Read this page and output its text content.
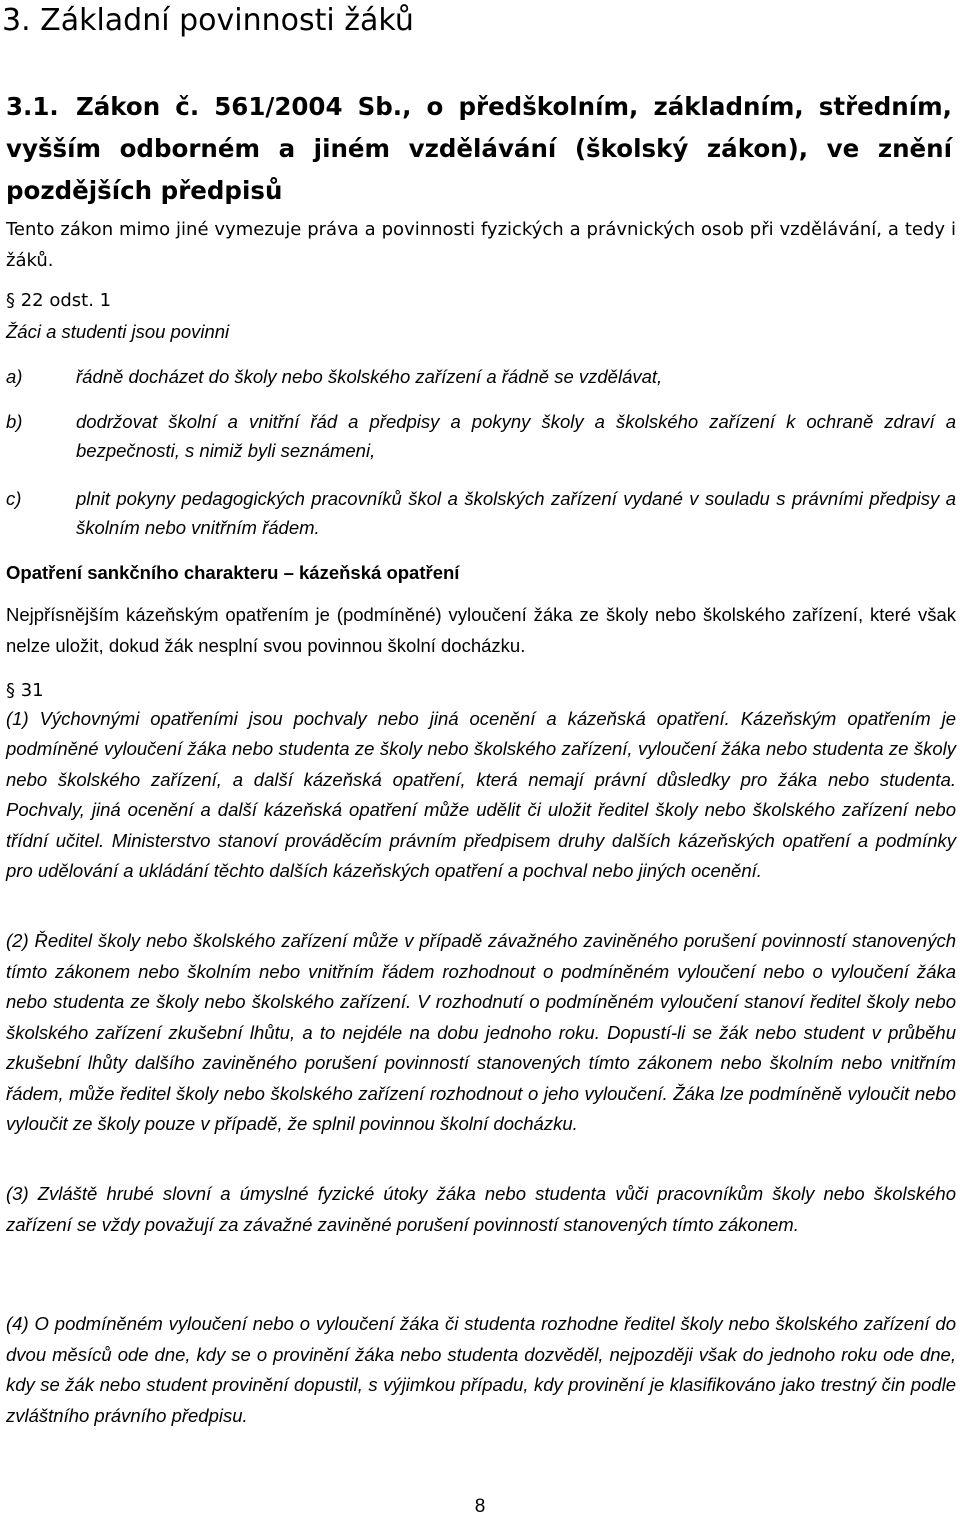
3. Základní povinnosti žáků
3.1. Zákon č. 561/2004 Sb., o předškolním, základním, středním, vyšším odborném a jiném vzdělávání (školský zákon), ve znění pozdějších předpisů
Tento zákon mimo jiné vymezuje práva a povinnosti fyzických a právnických osob při vzdělávání, a tedy i žáků.
§ 22 odst. 1
Žáci a studenti jsou povinni
a)	řádně docházet do školy nebo školského zařízení a řádně se vzdělávat,
b)	dodržovat školní a vnitřní řád a předpisy a pokyny školy a školského zařízení k ochraně zdraví a bezpečnosti, s nimiž byli seznámeni,
c)	plnit pokyny pedagogických pracovníků škol a školských zařízení vydané v souladu s právními předpisy a školním nebo vnitřním řádem.
Opatření sankčního charakteru – kázeňská opatření
Nejpřísnějším kázeňským opatřením je (podmíněné) vyloučení žáka ze školy nebo školského zařízení, které však nelze uložit, dokud žák nesplní svou povinnou školní docházku.
§ 31
(1) Výchovnými opatřeními jsou pochvaly nebo jiná ocenění a kázeňská opatření. Kázeňským opatřením je podmíněné vyloučení žáka nebo studenta ze školy nebo školského zařízení, vyloučení žáka nebo studenta ze školy nebo školského zařízení, a další kázeňská opatření, která nemají právní důsledky pro žáka nebo studenta. Pochvaly, jiná ocenění a další kázeňská opatření může udělit či uložit ředitel školy nebo školského zařízení nebo třídní učitel. Ministerstvo stanoví prováděcím právním předpisem druhy dalších kázeňských opatření a podmínky pro udělování a ukládání těchto dalších kázeňských opatření a pochval nebo jiných ocenění.
(2) Ředitel školy nebo školského zařízení může v případě závažného zaviněného porušení povinností stanovených tímto zákonem nebo školním nebo vnitřním řádem rozhodnout o podmíněném vyloučení nebo o vyloučení žáka nebo studenta ze školy nebo školského zařízení. V rozhodnutí o podmíněném vyloučení stanoví ředitel školy nebo školského zařízení zkušební lhůtu, a to nejdéle na dobu jednoho roku. Dopustí-li se žák nebo student v průběhu zkušební lhůty dalšího zaviněného porušení povinností stanovených tímto zákonem nebo školním nebo vnitřním řádem, může ředitel školy nebo školského zařízení rozhodnout o jeho vyloučení. Žáka lze podmíněně vyloučit nebo vyloučit ze školy pouze v případě, že splnil povinnou školní docházku.
(3) Zvláště hrubé slovní a úmyslné fyzické útoky žáka nebo studenta vůči pracovníkům školy nebo školského zařízení se vždy považují za závažné zaviněné porušení povinností stanovených tímto zákonem.
(4) O podmíněném vyloučení nebo o vyloučení žáka či studenta rozhodne ředitel školy nebo školského zařízení do dvou měsíců ode dne, kdy se o provinění žáka nebo studenta dozvěděl, nejpozději však do jednoho roku ode dne, kdy se žák nebo student provinění dopustil, s výjimkou případu, kdy provinění je klasifikováno jako trestný čin podle zvláštního právního předpisu.
8
